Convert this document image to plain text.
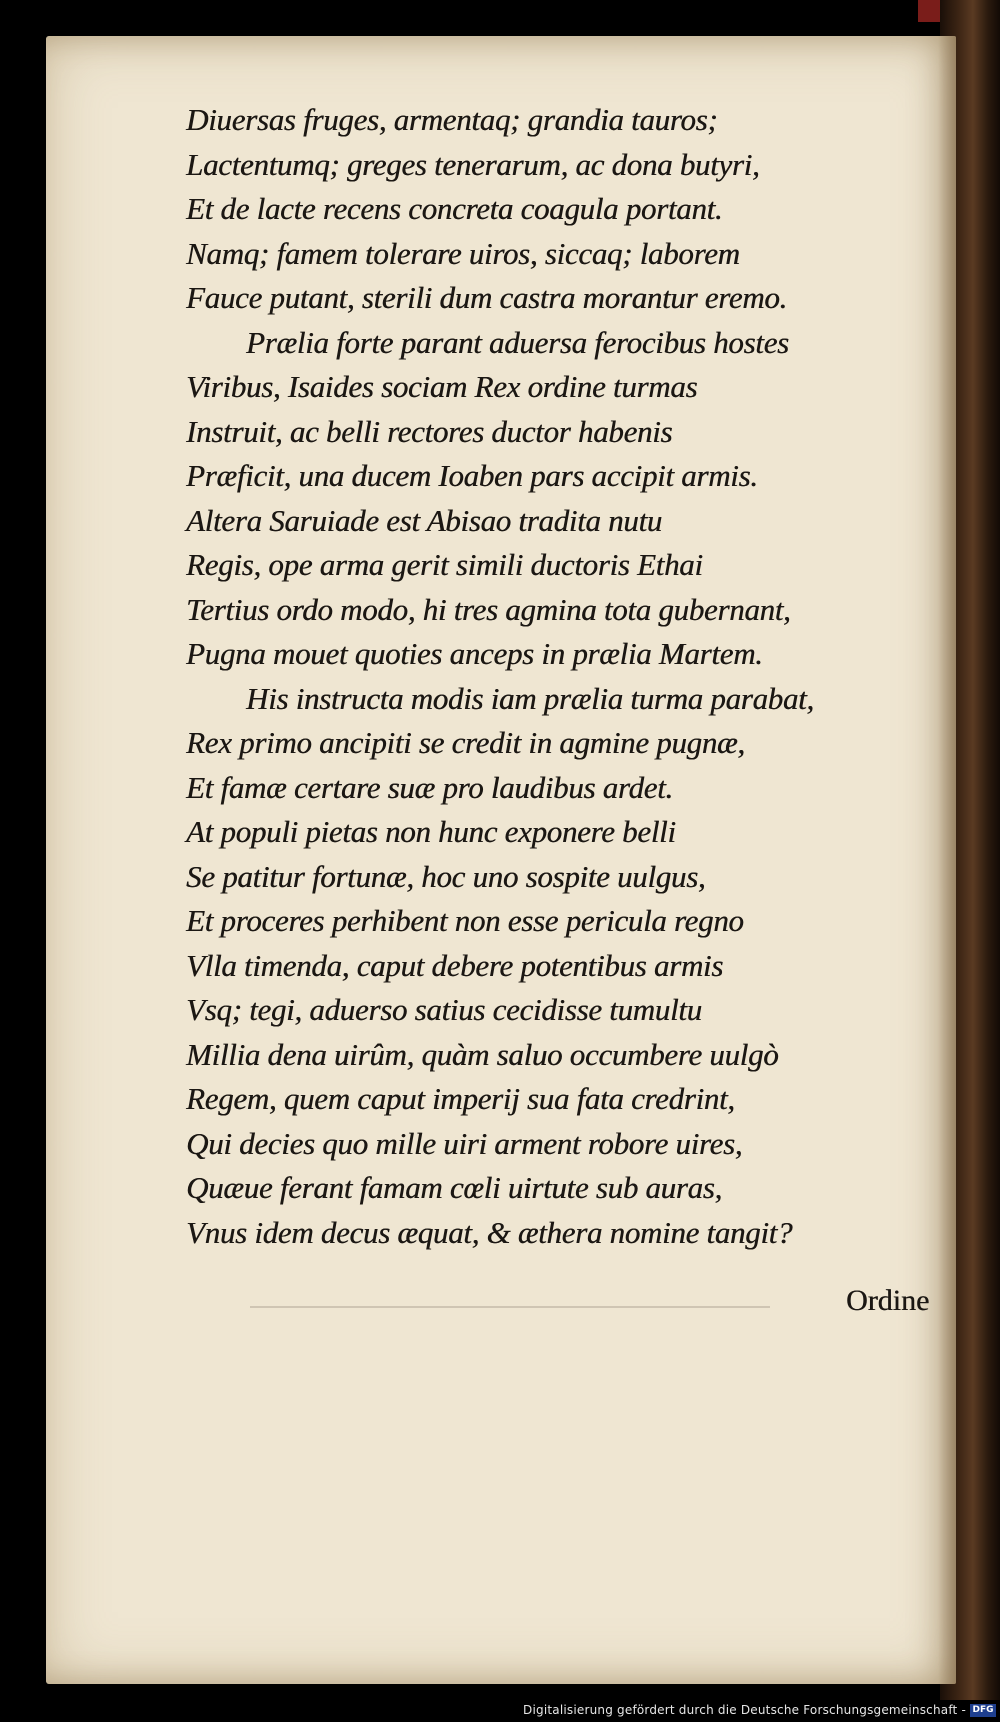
Diuersas fruges, armentaq; grandia tauros;
Lactentumq; greges tenerarum, ac dona butyri,
Et de lacte recens concreta coagula portant.
Namq; famem tolerare uiros, siccaq; laborem
Fauce putant, sterili dum castra morantur eremo.
Prælia forte parant aduersa ferocibus hostes
Viribus, Isaides sociam Rex ordine turmas
Instruit, ac belli rectores ductor habenis
Præficit, una ducem Ioaben pars accipit armis.
Altera Saruiade est Abisao tradita nutu
Regis, ope arma gerit simili ductoris Ethai
Tertius ordo modo, hi tres agmina tota gubernant,
Pugna mouet quoties anceps in prælia Martem.
His instructa modis iam prælia turma parabat,
Rex primo ancipiti se credit in agmine pugnæ,
Et famæ certare suæ pro laudibus ardet.
At populi pietas non hunc exponere belli
Se patitur fortunæ, hoc uno sospite uulgus,
Et proceres perhibent non esse pericula regno
Vlla timenda, caput debere potentibus armis
Vsq; tegi, aduerso satius cecidisse tumultu
Millia dena uirûm, quàm saluo occumbere uulgò
Regem, quem caput imperij sua fata credrint,
Qui decies quo mille uiri arment robore uires,
Quæue ferant famam cœli uirtute sub auras,
Vnus idem decus æquat, & æthera nomine tangit?
Ordine
Digitalisierung gefördert durch die Deutsche Forschungsgemeinschaft - DFG
